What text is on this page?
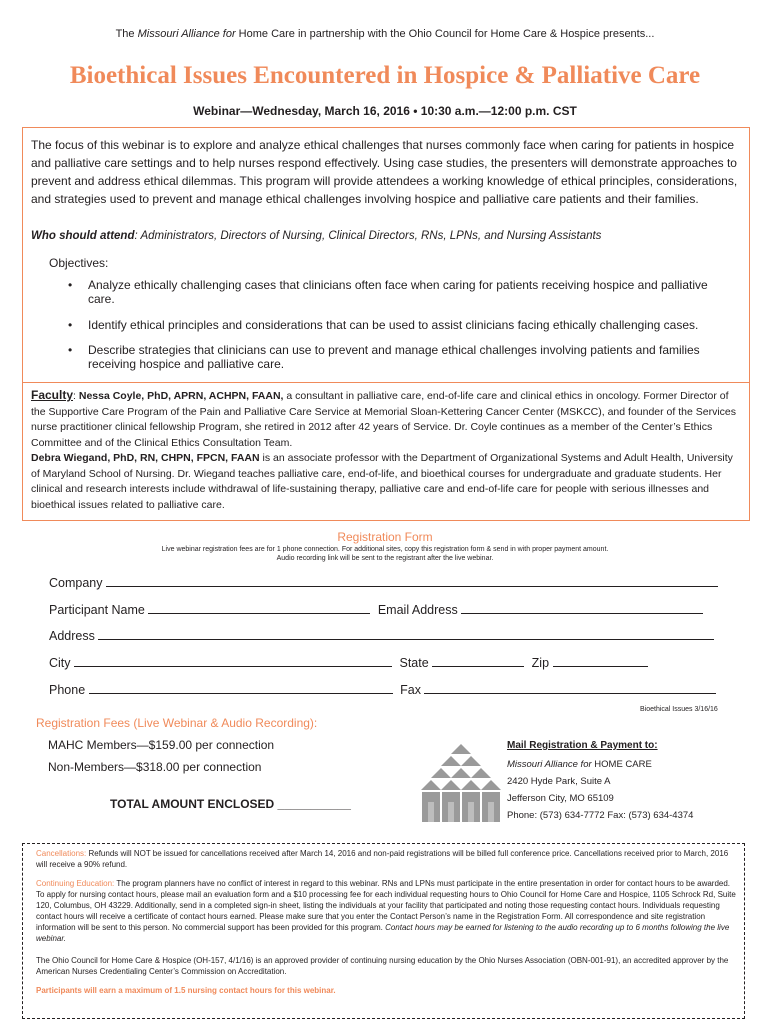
The Missouri Alliance for Home Care in partnership with the Ohio Council for Home Care & Hospice presents...
Bioethical Issues Encountered in Hospice & Palliative Care
Webinar—Wednesday, March 16, 2016 • 10:30 a.m.—12:00 p.m. CST
The focus of this webinar is to explore and analyze ethical challenges that nurses commonly face when caring for patients in hospice and palliative care settings and to help nurses respond effectively. Using case studies, the presenters will demonstrate approaches to prevent and address ethical dilemmas. This program will provide attendees a working knowledge of ethical principles, considerations, and strategies used to prevent and manage ethical challenges involving hospice and palliative care patients and their families.
Who should attend: Administrators, Directors of Nursing, Clinical Directors, RNs, LPNs, and Nursing Assistants
Objectives:
• Analyze ethically challenging cases that clinicians often face when caring for patients receiving hospice and palliative care.
• Identify ethical principles and considerations that can be used to assist clinicians facing ethically challenging cases.
• Describe strategies that clinicians can use to prevent and manage ethical challenges involving patients and families receiving hospice and palliative care.
Faculty: Nessa Coyle, PhD, APRN, ACHPN, FAAN, a consultant in palliative care, end-of-life care and clinical ethics in oncology. Former Director of the Supportive Care Program of the Pain and Palliative Care Service at Memorial Sloan-Kettering Cancer Center (MSKCC), and founder of the Services nurse practitioner clinical fellowship Program, she retired in 2012 after 42 years of Service. Dr. Coyle continues as a member of the Center’s Ethics Committee and of the Clinical Ethics Consultation Team.
Debra Wiegand, PhD, RN, CHPN, FPCN, FAAN is an associate professor with the Department of Organizational Systems and Adult Health, University of Maryland School of Nursing. Dr. Wiegand teaches palliative care, end-of-life, and bioethical courses for undergraduate and graduate students. Her clinical and research interests include withdrawal of life-sustaining therapy, palliative care and end-of-life care for people with serious illnesses and bioethical issues related to palliative care.
Registration Form
Live webinar registration fees are for 1 phone connection. For additional sites, copy this registration form & send in with proper payment amount.
Audio recording link will be sent to the registrant after the live webinar.
Company
Participant Name	Email Address
Address
City	State	Zip
Phone	Fax
Bioethical Issues 3/16/16
Registration Fees (Live Webinar & Audio Recording):
MAHC Members—$159.00 per connection
Non-Members—$318.00 per connection
TOTAL AMOUNT ENCLOSED ___________
Mail Registration & Payment to:
Missouri Alliance for HOME CARE
2420 Hyde Park, Suite A
Jefferson City, MO 65109
Phone: (573) 634-7772 Fax: (573) 634-4374
Cancellations: Refunds will NOT be issued for cancellations received after March 14, 2016 and non-paid registrations will be billed full conference price. Cancellations received prior to March, 2016 will receive a 90% refund.
Continuing Education: The program planners have no conflict of interest in regard to this webinar. RNs and LPNs must participate in the entire presentation in order for contact hours to be awarded. To apply for nursing contact hours, please mail an evaluation form and a $10 processing fee for each individual requesting hours to Ohio Council for Home Care and Hospice, 1105 Schrock Rd, Suite 120, Columbus, OH 43229. Additionally, send in a completed sign-in sheet, listing the individuals at your facility that participated and noting those requesting contact hours. Individuals requesting contact hours will receive a certificate of contact hours earned. Please make sure that you enter the Contact Person’s name in the Registration Form. All correspondence and site registration information will be sent to this person. No commercial support has been provided for this program. Contact hours may be earned for listening to the audio recording up to 6 months following the live webinar.
The Ohio Council for Home Care & Hospice (OH-157, 4/1/16) is an approved provider of continuing nursing education by the Ohio Nurses Association (OBN-001-91), an accredited approver by the American Nurses Credentialing Center’s Commission on Accreditation.
Participants will earn a maximum of 1.5 nursing contact hours for this webinar.
